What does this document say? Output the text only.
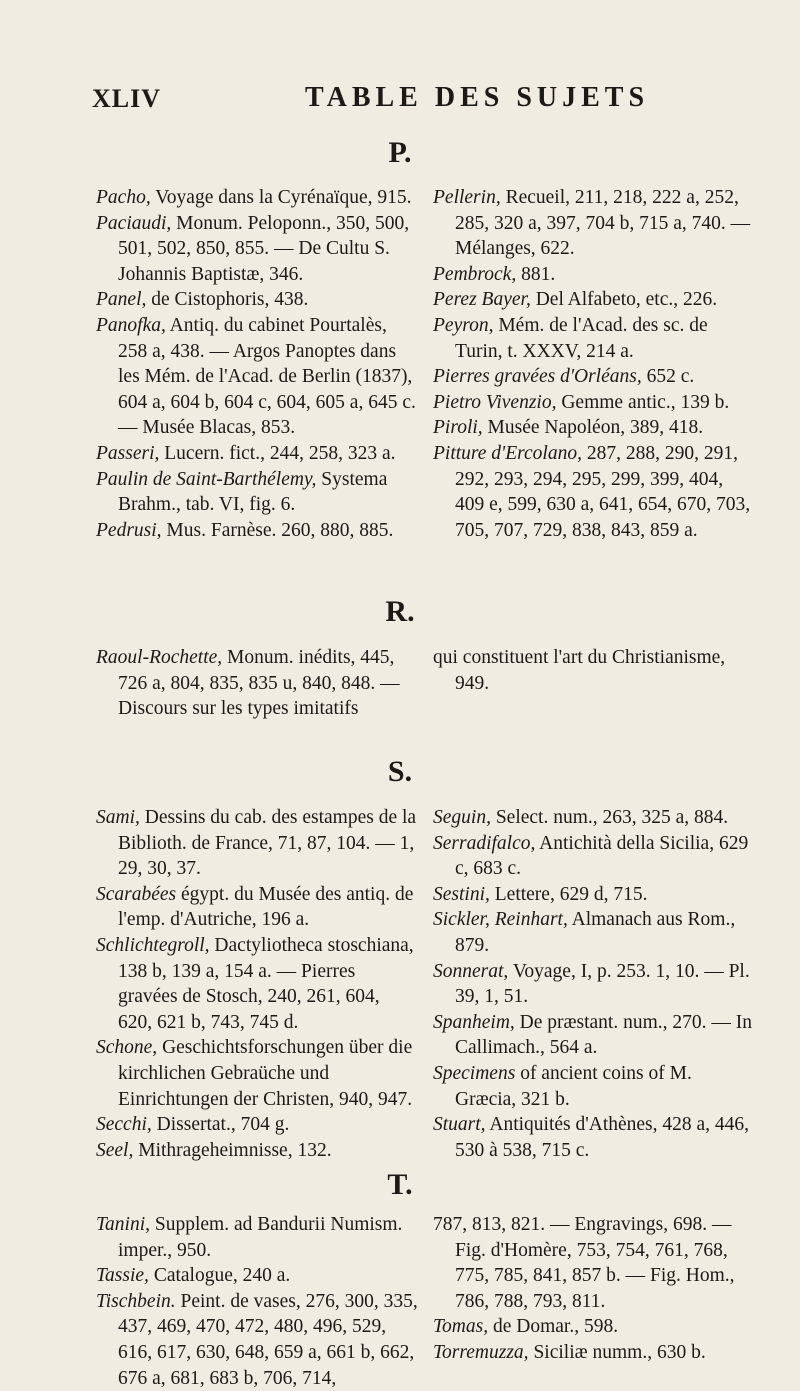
XLIV	TABLE DES SUJETS
P.

Pacho, Voyage dans la Cyrénaïque, 915.

Paciaudi, Monum. Peloponn., 350, 500, 501, 502, 850, 855. — De Cultu S. Johannis Baptistæ, 346.

Panel, de Cistophoris, 438.

Panofka, Antiq. du cabinet Pourtalès, 258 a, 438. — Argos Panoptes dans les Mém. de l'Acad. de Berlin (1837), 604 a, 604 b, 604 c, 604, 605 a, 645 c. — Musée Blacas, 853.

Passeri, Lucern. fict., 244, 258, 323 a.

Paulin de Saint-Barthélemy, Systema Brahm., tab. VI, fig. 6.

Pedrusi, Mus. Farnèse. 260, 880, 885.

Pellerin, Recueil, 211, 218, 222 a, 252, 285, 320 a, 397, 704 b, 715 a, 740. — Mélanges, 622.

Pembrock, 881.

Perez Bayer, Del Alfabeto, etc., 226.

Peyron, Mém. de l'Acad. des sc. de Turin, t. XXXV, 214 a.

Pierres gravées d'Orléans, 652 c.

Pietro Vivenzio, Gemme antic., 139 b.

Piroli, Musée Napoléon, 389, 418.

Pitture d'Ercolano, 287, 288, 290, 291, 292, 293, 294, 295, 299, 399, 404, 409 e, 599, 630 a, 641, 654, 670, 703, 705, 707, 729, 838, 843, 859 a.

R.

Raoul-Rochette, Monum. inédits, 445, 726 a, 804, 835, 835 u, 840, 848. — Discours sur les types imitatifs

qui constituent l'art du Christianisme, 949.

S.

Sami, Dessins du cab. des estampes de la Biblioth. de France, 71, 87, 104. — 1, 29, 30, 37.

Scarabées égypt. du Musée des antiq. de l'emp. d'Autriche, 196 a.

Schlichtegroll, Dactyliotheca stoschiana, 138 b, 139 a, 154 a. — Pierres gravées de Stosch, 240, 261, 604, 620, 621 b, 743, 745 d.

Schone, Geschichtsforschungen über die kirchlichen Gebraüche und Einrichtungen der Christen, 940, 947.

Secchi, Dissertat., 704 g.

Seel, Mithrageheimnisse, 132.

Seguin, Select. num., 263, 325 a, 884.

Serradifalco, Antichità della Sicilia, 629 c, 683 c.

Sestini, Lettere, 629 d, 715.

Sickler, Reinhart, Almanach aus Rom., 879.

Sonnerat, Voyage, I, p. 253. 1, 10. — Pl. 39, 1, 51.

Spanheim, De præstant. num., 270. — In Callimach., 564 a.

Specimens of ancient coins of M. Græcia, 321 b.

Stuart, Antiquités d'Athènes, 428 a, 446, 530 à 538, 715 c.

T.

Tanini, Supplem. ad Bandurii Numism. imper., 950.

Tassie, Catalogue, 240 a.

Tischbein. Peint. de vases, 276, 300, 335, 437, 469, 470, 472, 480, 496, 529, 616, 617, 630, 648, 659 a, 661 b, 662, 676 a, 681, 683 b, 706, 714,

787, 813, 821. — Engravings, 698. — Fig. d'Homère, 753, 754, 761, 768, 775, 785, 841, 857 b. — Fig. Hom., 786, 788, 793, 811.

Tomas, de Domar., 598.

Torremuzza, Siciliæ numm., 630 b.
